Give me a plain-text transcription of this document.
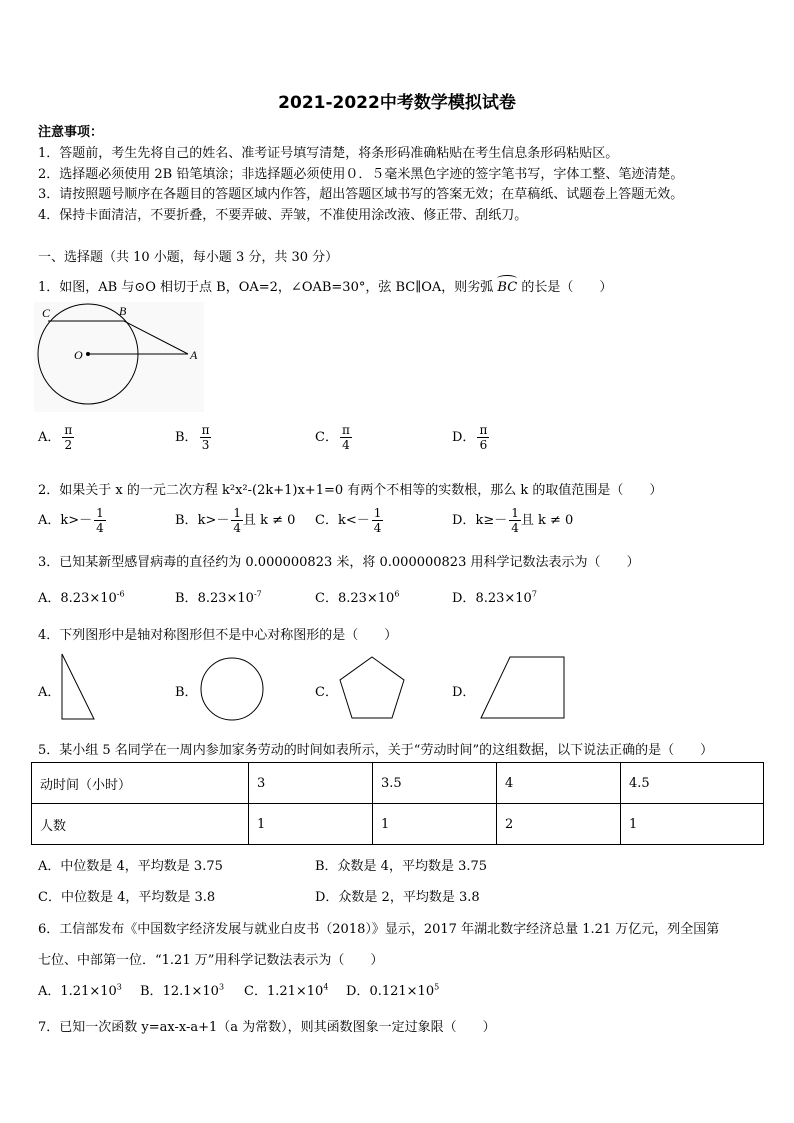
2021-2022中考数学模拟试卷
注意事项：
1．答题前，考生先将自己的姓名、准考证号填写清楚，将条形码准确粘贴在考生信息条形码粘贴区。
2．选择题必须使用 2B 铅笔填涂；非选择题必须使用０．５毫米黑色字迹的签字笔书写，字体工整、笔迹清楚。
3．请按照题号顺序在各题目的答题区域内作答，超出答题区域书写的答案无效；在草稿纸、试题卷上答题无效。
4．保持卡面清洁，不要折叠，不要弄破、弄皱，不准使用涂改液、修正带、刮纸刀。
一、选择题（共 10 小题，每小题 3 分，共 30 分）
1．如图，AB 与⊙O 相切于点 B，OA=2，∠OAB=30°，弦 BC∥OA，则劣弧 BC 的长是（　　）
C	B
O	A
A． $\frac{\pi}{2}$	B． $\frac{\pi}{3}$	C． $\frac{\pi}{4}$	D． $\frac{\pi}{6}$
2．如果关于 x 的一元二次方程 k²x²-(2k+1)x+1=0 有两个不相等的实数根，那么 k 的取值范围是（　　）
A．$k>- \frac{1}{4}$	B．$k>- \frac{1}{4}$ 且 k ≠ 0 C．$k<- \frac{1}{4}$	D．$k\ge- \frac{1}{4}$ 且 k ≠ 0
3．已知某新型感冒病毒的直径约为 0.000000823 米，将 0.000000823 用科学记数法表示为（　　）
A．$8.23\times 10^{-6}$	B．$8.23\times 10^{-7}$	C．$8.23\times 10^6$	D．$8.23\times 10^7$
4．下列图形中是轴对称图形但不是中心对称图形的是（　　）
A．	B．	C．	D．
5．某小组 5 名同学在一周内参加家务劳动的时间如表所示，关于“劳动时间”的这组数据，以下说法正确的是（　　）
动时间（小时）	3	3.5	4	4.5
人数	1	1	2	1
A．中位数是 4，平均数是 3.75	B．众数是 4，平均数是 3.75
C．中位数是 4，平均数是 3.8	D．众数是 2，平均数是 3.8
6．工信部发布《中国数字经济发展与就业白皮书（2018）》显示，2017 年湖北数字经济总量 1.21 万亿元，列全国第
七位、中部第一位．“1.21 万”用科学记数法表示为（　　）
A．$1.21\times 10^3$ B．$12.1\times 10^3$ C．$1.21\times 10^4$ D．$0.121\times 10^5$
7．已知一次函数 y=ax-x-a+1（a 为常数），则其函数图象一定过象限（　　）
